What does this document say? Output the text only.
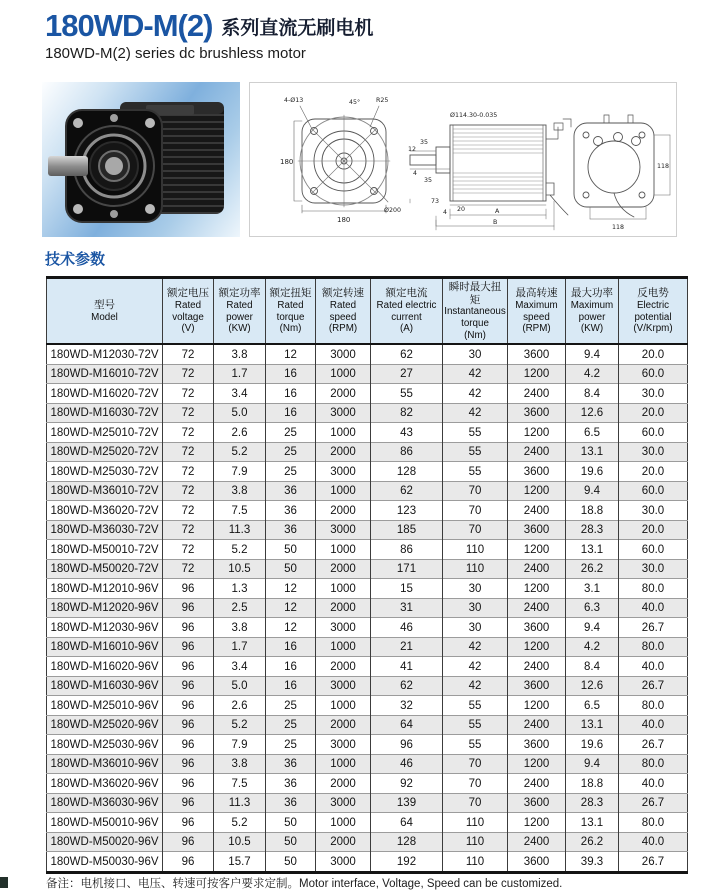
180WD-M(2) 系列直流无刷电机
180WD-M(2) series dc brushless motor
180
180
4-Ø13	45°	R25
Ø200
Ø114.30-0.035
35
12
4
35
73
4 20	A
B
118
118
技术参数
型号
Model

额定电压
Rated voltage
(V)

额定功率
Rated power
(KW)

额定扭矩
Rated torque
(Nm)

额定转速
Rated speed
(RPM)

额定电流
Rated electric current
(A)

瞬时最大扭矩
Instantaneous torque
(Nm)

最高转速
Maximum speed
(RPM)

最大功率
Maximum power
(KW)

反电势
Electric potential
(V/Krpm)

180WD-M12030-72V	72	3.8	12	3000	62	30	3600	9.4	20.0
180WD-M16010-72V	72	1.7	16	1000	27	42	1200	4.2	60.0
180WD-M16020-72V	72	3.4	16	2000	55	42	2400	8.4	30.0
180WD-M16030-72V	72	5.0	16	3000	82	42	3600	12.6	20.0
180WD-M25010-72V	72	2.6	25	1000	43	55	1200	6.5	60.0
180WD-M25020-72V	72	5.2	25	2000	86	55	2400	13.1	30.0
180WD-M25030-72V	72	7.9	25	3000	128	55	3600	19.6	20.0
180WD-M36010-72V	72	3.8	36	1000	62	70	1200	9.4	60.0
180WD-M36020-72V	72	7.5	36	2000	123	70	2400	18.8	30.0
180WD-M36030-72V	72	11.3	36	3000	185	70	3600	28.3	20.0
180WD-M50010-72V	72	5.2	50	1000	86	110	1200	13.1	60.0
180WD-M50020-72V	72	10.5	50	2000	171	110	2400	26.2	30.0
180WD-M12010-96V	96	1.3	12	1000	15	30	1200	3.1	80.0
180WD-M12020-96V	96	2.5	12	2000	31	30	2400	6.3	40.0
180WD-M12030-96V	96	3.8	12	3000	46	30	3600	9.4	26.7
180WD-M16010-96V	96	1.7	16	1000	21	42	1200	4.2	80.0
180WD-M16020-96V	96	3.4	16	2000	41	42	2400	8.4	40.0
180WD-M16030-96V	96	5.0	16	3000	62	42	3600	12.6	26.7
180WD-M25010-96V	96	2.6	25	1000	32	55	1200	6.5	80.0
180WD-M25020-96V	96	5.2	25	2000	64	55	2400	13.1	40.0
180WD-M25030-96V	96	7.9	25	3000	96	55	3600	19.6	26.7
180WD-M36010-96V	96	3.8	36	1000	46	70	1200	9.4	80.0
180WD-M36020-96V	96	7.5	36	2000	92	70	2400	18.8	40.0
180WD-M36030-96V	96	11.3	36	3000	139	70	3600	28.3	26.7
180WD-M50010-96V	96	5.2	50	1000	64	110	1200	13.1	80.0
180WD-M50020-96V	96	10.5	50	2000	128	110	2400	26.2	40.0
180WD-M50030-96V	96	15.7	50	3000	192	110	3600	39.3	26.7
备注：电机接口、电压、转速可按客户要求定制。Motor interface, Voltage, Speed can be customized.
